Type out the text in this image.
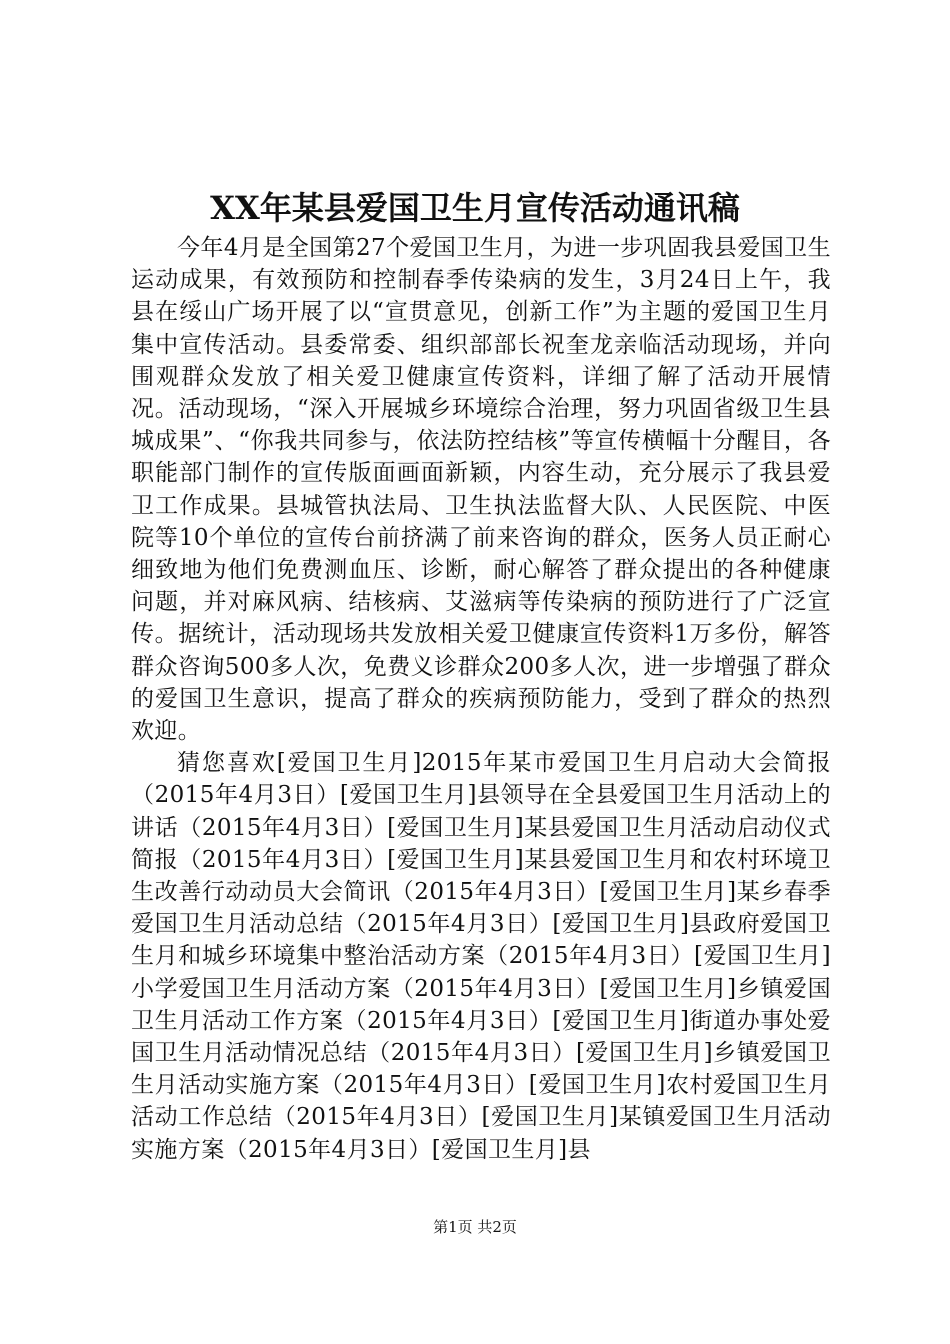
XX年某县爱国卫生月宣传活动通讯稿

今年4月是全国第27个爱国卫生月，为进一步巩固我县爱国卫生运动成果，有效预防和控制春季传染病的发生，3月24日上午，我县在绥山广场开展了以“宣贯意见，创新工作”为主题的爱国卫生月集中宣传活动。县委常委、组织部部长祝奎龙亲临活动现场，并向围观群众发放了相关爱卫健康宣传资料，详细了解了活动开展情况。活动现场，“深入开展城乡环境综合治理，努力巩固省级卫生县城成果”、“你我共同参与，依法防控结核”等宣传横幅十分醒目，各职能部门制作的宣传版面画面新颖，内容生动，充分展示了我县爱卫工作成果。县城管执法局、卫生执法监督大队、人民医院、中医院等10个单位的宣传台前挤满了前来咨询的群众，医务人员正耐心细致地为他们免费测血压、诊断，耐心解答了群众提出的各种健康问题，并对麻风病、结核病、艾滋病等传染病的预防进行了广泛宣传。据统计，活动现场共发放相关爱卫健康宣传资料1万多份，解答群众咨询500多人次，免费义诊群众200多人次，进一步增强了群众的爱国卫生意识，提高了群众的疾病预防能力，受到了群众的热烈欢迎。

猜您喜欢[爱国卫生月]2015年某市爱国卫生月启动大会简报（2015年4月3日）[爱国卫生月]县领导在全县爱国卫生月活动上的讲话（2015年4月3日）[爱国卫生月]某县爱国卫生月活动启动仪式简报（2015年4月3日）[爱国卫生月]某县爱国卫生月和农村环境卫生改善行动动员大会简讯（2015年4月3日）[爱国卫生月]某乡春季爱国卫生月活动总结（2015年4月3日）[爱国卫生月]县政府爱国卫生月和城乡环境集中整治活动方案（2015年4月3日）[爱国卫生月]小学爱国卫生月活动方案（2015年4月3日）[爱国卫生月]乡镇爱国卫生月活动工作方案（2015年4月3日）[爱国卫生月]街道办事处爱国卫生月活动情况总结（2015年4月3日）[爱国卫生月]乡镇爱国卫生月活动实施方案（2015年4月3日）[爱国卫生月]农村爱国卫生月活动工作总结（2015年4月3日）[爱国卫生月]某镇爱国卫生月活动实施方案（2015年4月3日）[爱国卫生月]县

第1页 共2页
